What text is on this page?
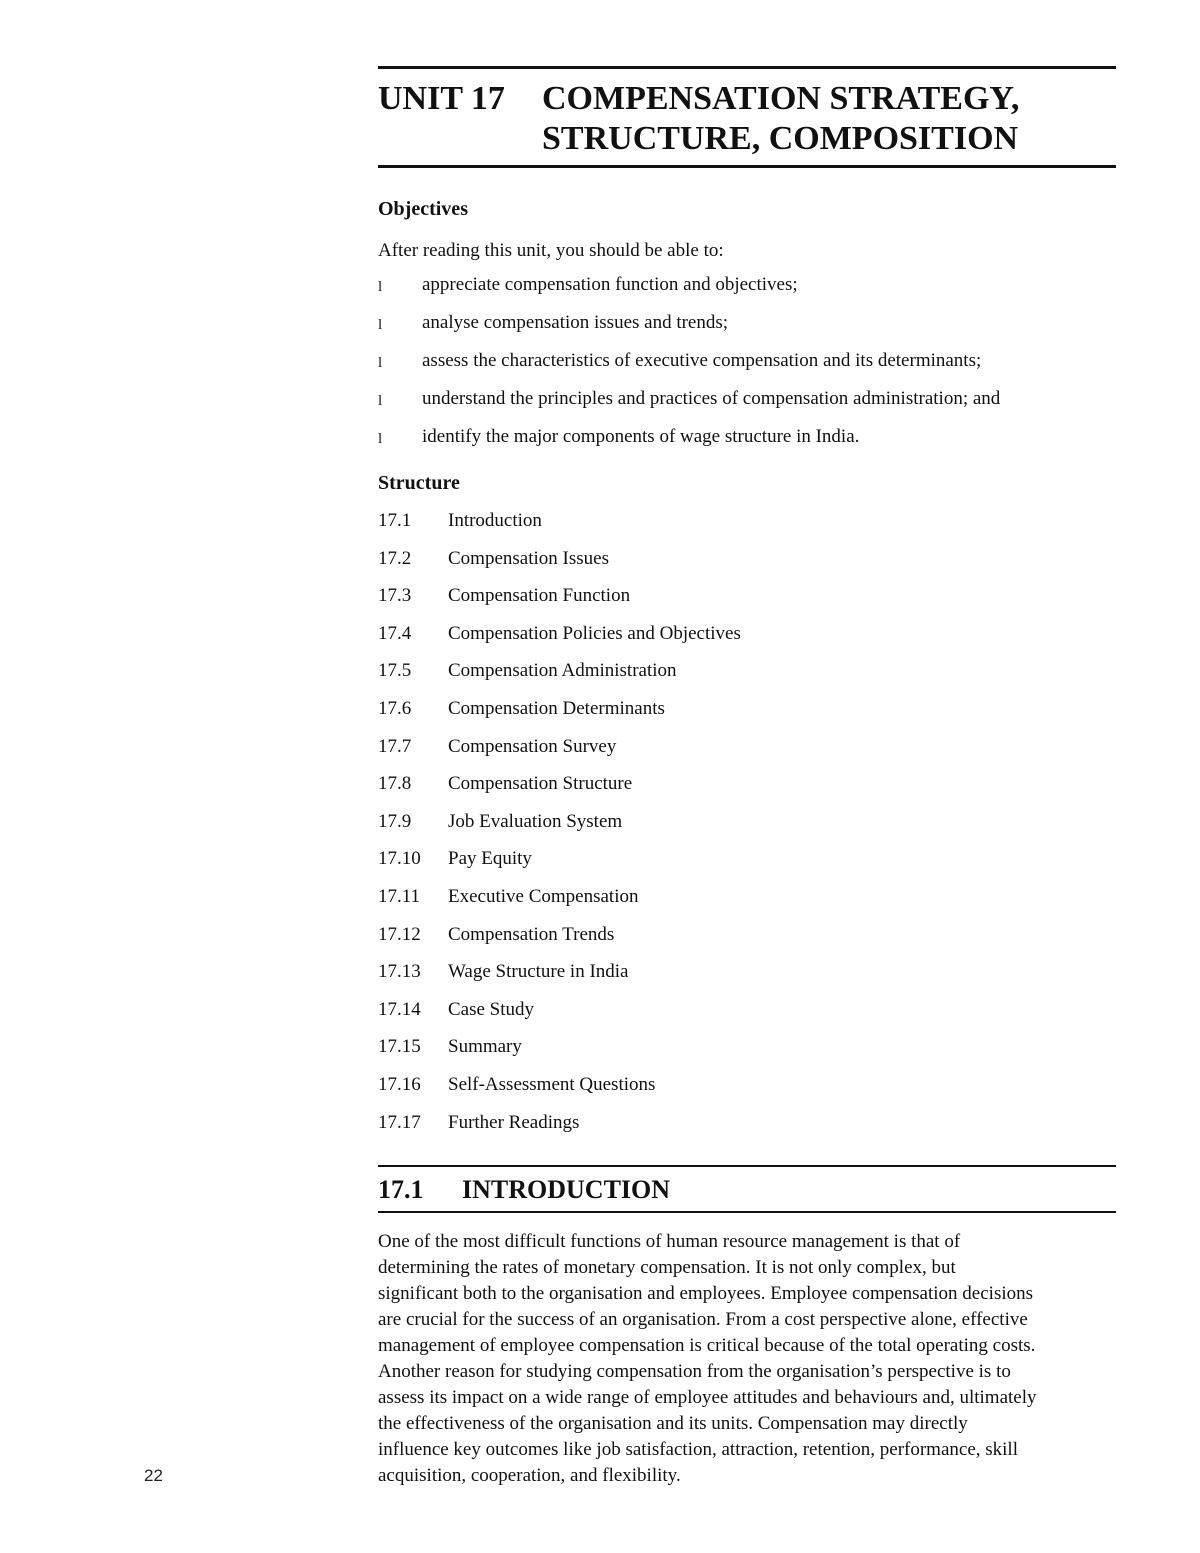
UNIT 17	COMPENSATION STRATEGY,
STRUCTURE, COMPOSITION
Objectives
After reading this unit, you should be able to:
l	appreciate compensation function and objectives;
l	analyse compensation issues and trends;
l	assess the characteristics of executive compensation and its determinants;
l	understand the principles and practices of compensation administration; and
l	identify the major components of wage structure in India.
Structure
17.1	Introduction
17.2	Compensation Issues
17.3	Compensation Function
17.4	Compensation Policies and Objectives
17.5	Compensation Administration
17.6	Compensation Determinants
17.7	Compensation Survey
17.8	Compensation Structure
17.9	Job Evaluation System
17.10	Pay Equity
17.11	Executive Compensation
17.12	Compensation Trends
17.13	Wage Structure in India
17.14	Case Study
17.15	Summary
17.16	Self-Assessment Questions
17.17	Further Readings
17.1	INTRODUCTION

One of the most difficult functions of human resource management is that of

determining the rates of monetary compensation. It is not only complex, but

significant both to the organisation and employees. Employee compensation decisions

are crucial for the success of an organisation. From a cost perspective alone, effective

management of employee compensation is critical because of the total operating costs.

Another reason for studying compensation from the organisation’s perspective is to

assess its impact on a wide range of employee attitudes and behaviours and, ultimately

the effectiveness of the organisation and its units. Compensation may directly

influence key outcomes like job satisfaction, attraction, retention, performance, skill

acquisition, cooperation, and flexibility.

22
